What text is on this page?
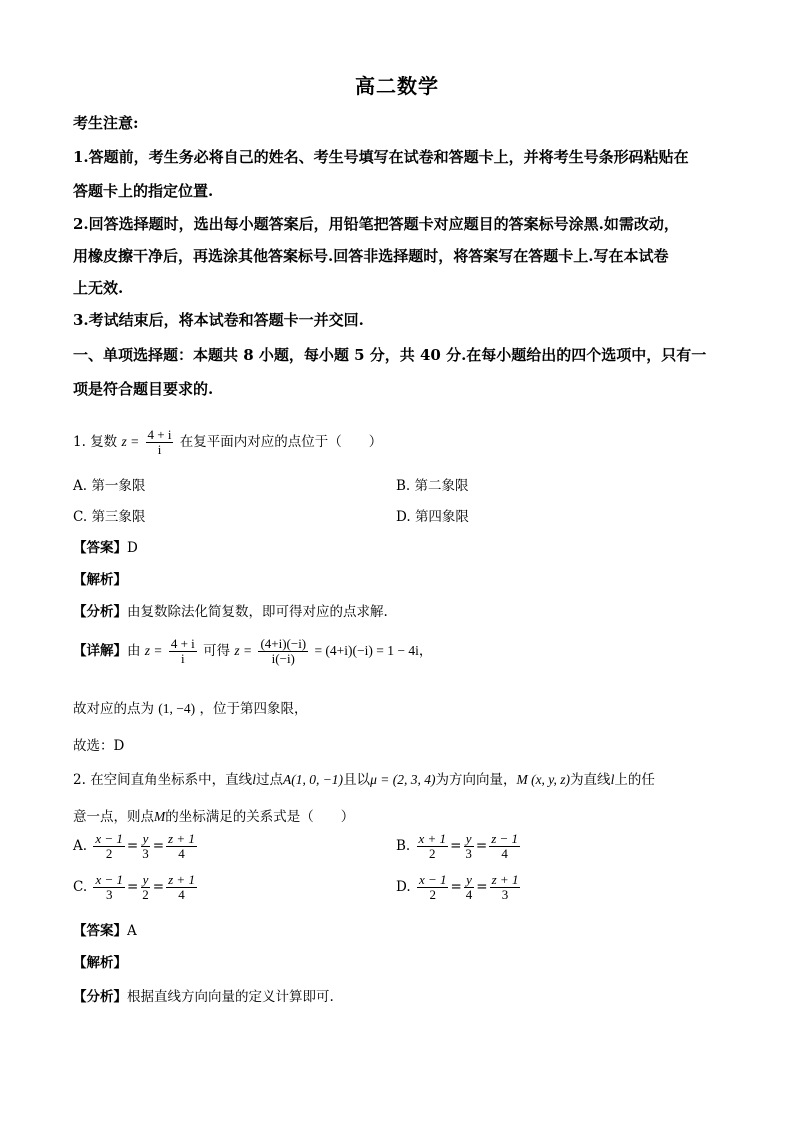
高二数学
考生注意:
1.答题前，考生务必将自己的姓名、考生号填写在试卷和答题卡上，并将考生号条形码粘贴在
答题卡上的指定位置.
2.回答选择题时，选出每小题答案后，用铅笔把答题卡对应题目的答案标号涂黑.如需改动，
用橡皮擦干净后，再选涂其他答案标号.回答非选择题时，将答案写在答题卡上.写在本试卷
上无效.
3.考试结束后，将本试卷和答题卡一并交回.
一、单项选择题：本题共 8 小题，每小题 5 分，共 40 分.在每小题给出的四个选项中，只有一
项是符合题目要求的.
1. 复数 $z = \frac{4 + i}{i}$ 在复平面内对应的点位于（　　）
A. 第一象限	B. 第二象限
C. 第三象限	D. 第四象限
【答案】D
【解析】
【分析】由复数除法化简复数，即可得对应的点求解.
【详解】由 $z = \frac{4 + i}{i}$ 可得 $z = \frac{(4+i)(-i)}{i(-i)} = (4+i)(-i) = 1 - 4i$，
故对应的点为 (1, −4) ，位于第四象限，
故选：D
2. 在空间直角坐标系中，直线l过点A(1, 0, −1)且以μ = (2, 3, 4)为方向向量，M (x, y, z)为直线l上的任
意一点，则点M的坐标满足的关系式是（　　）
A. $\frac{x - 1}{2} = \frac{y}{3} = \frac{z + 1}{4}$	B. $\frac{x + 1}{2} = \frac{y}{3} = \frac{z - 1}{4}$
C. $\frac{x - 1}{3} = \frac{y}{2} = \frac{z + 1}{4}$	D. $\frac{x - 1}{2} = \frac{y}{4} = \frac{z + 1}{3}$
【答案】A
【解析】
【分析】根据直线方向向量的定义计算即可.
